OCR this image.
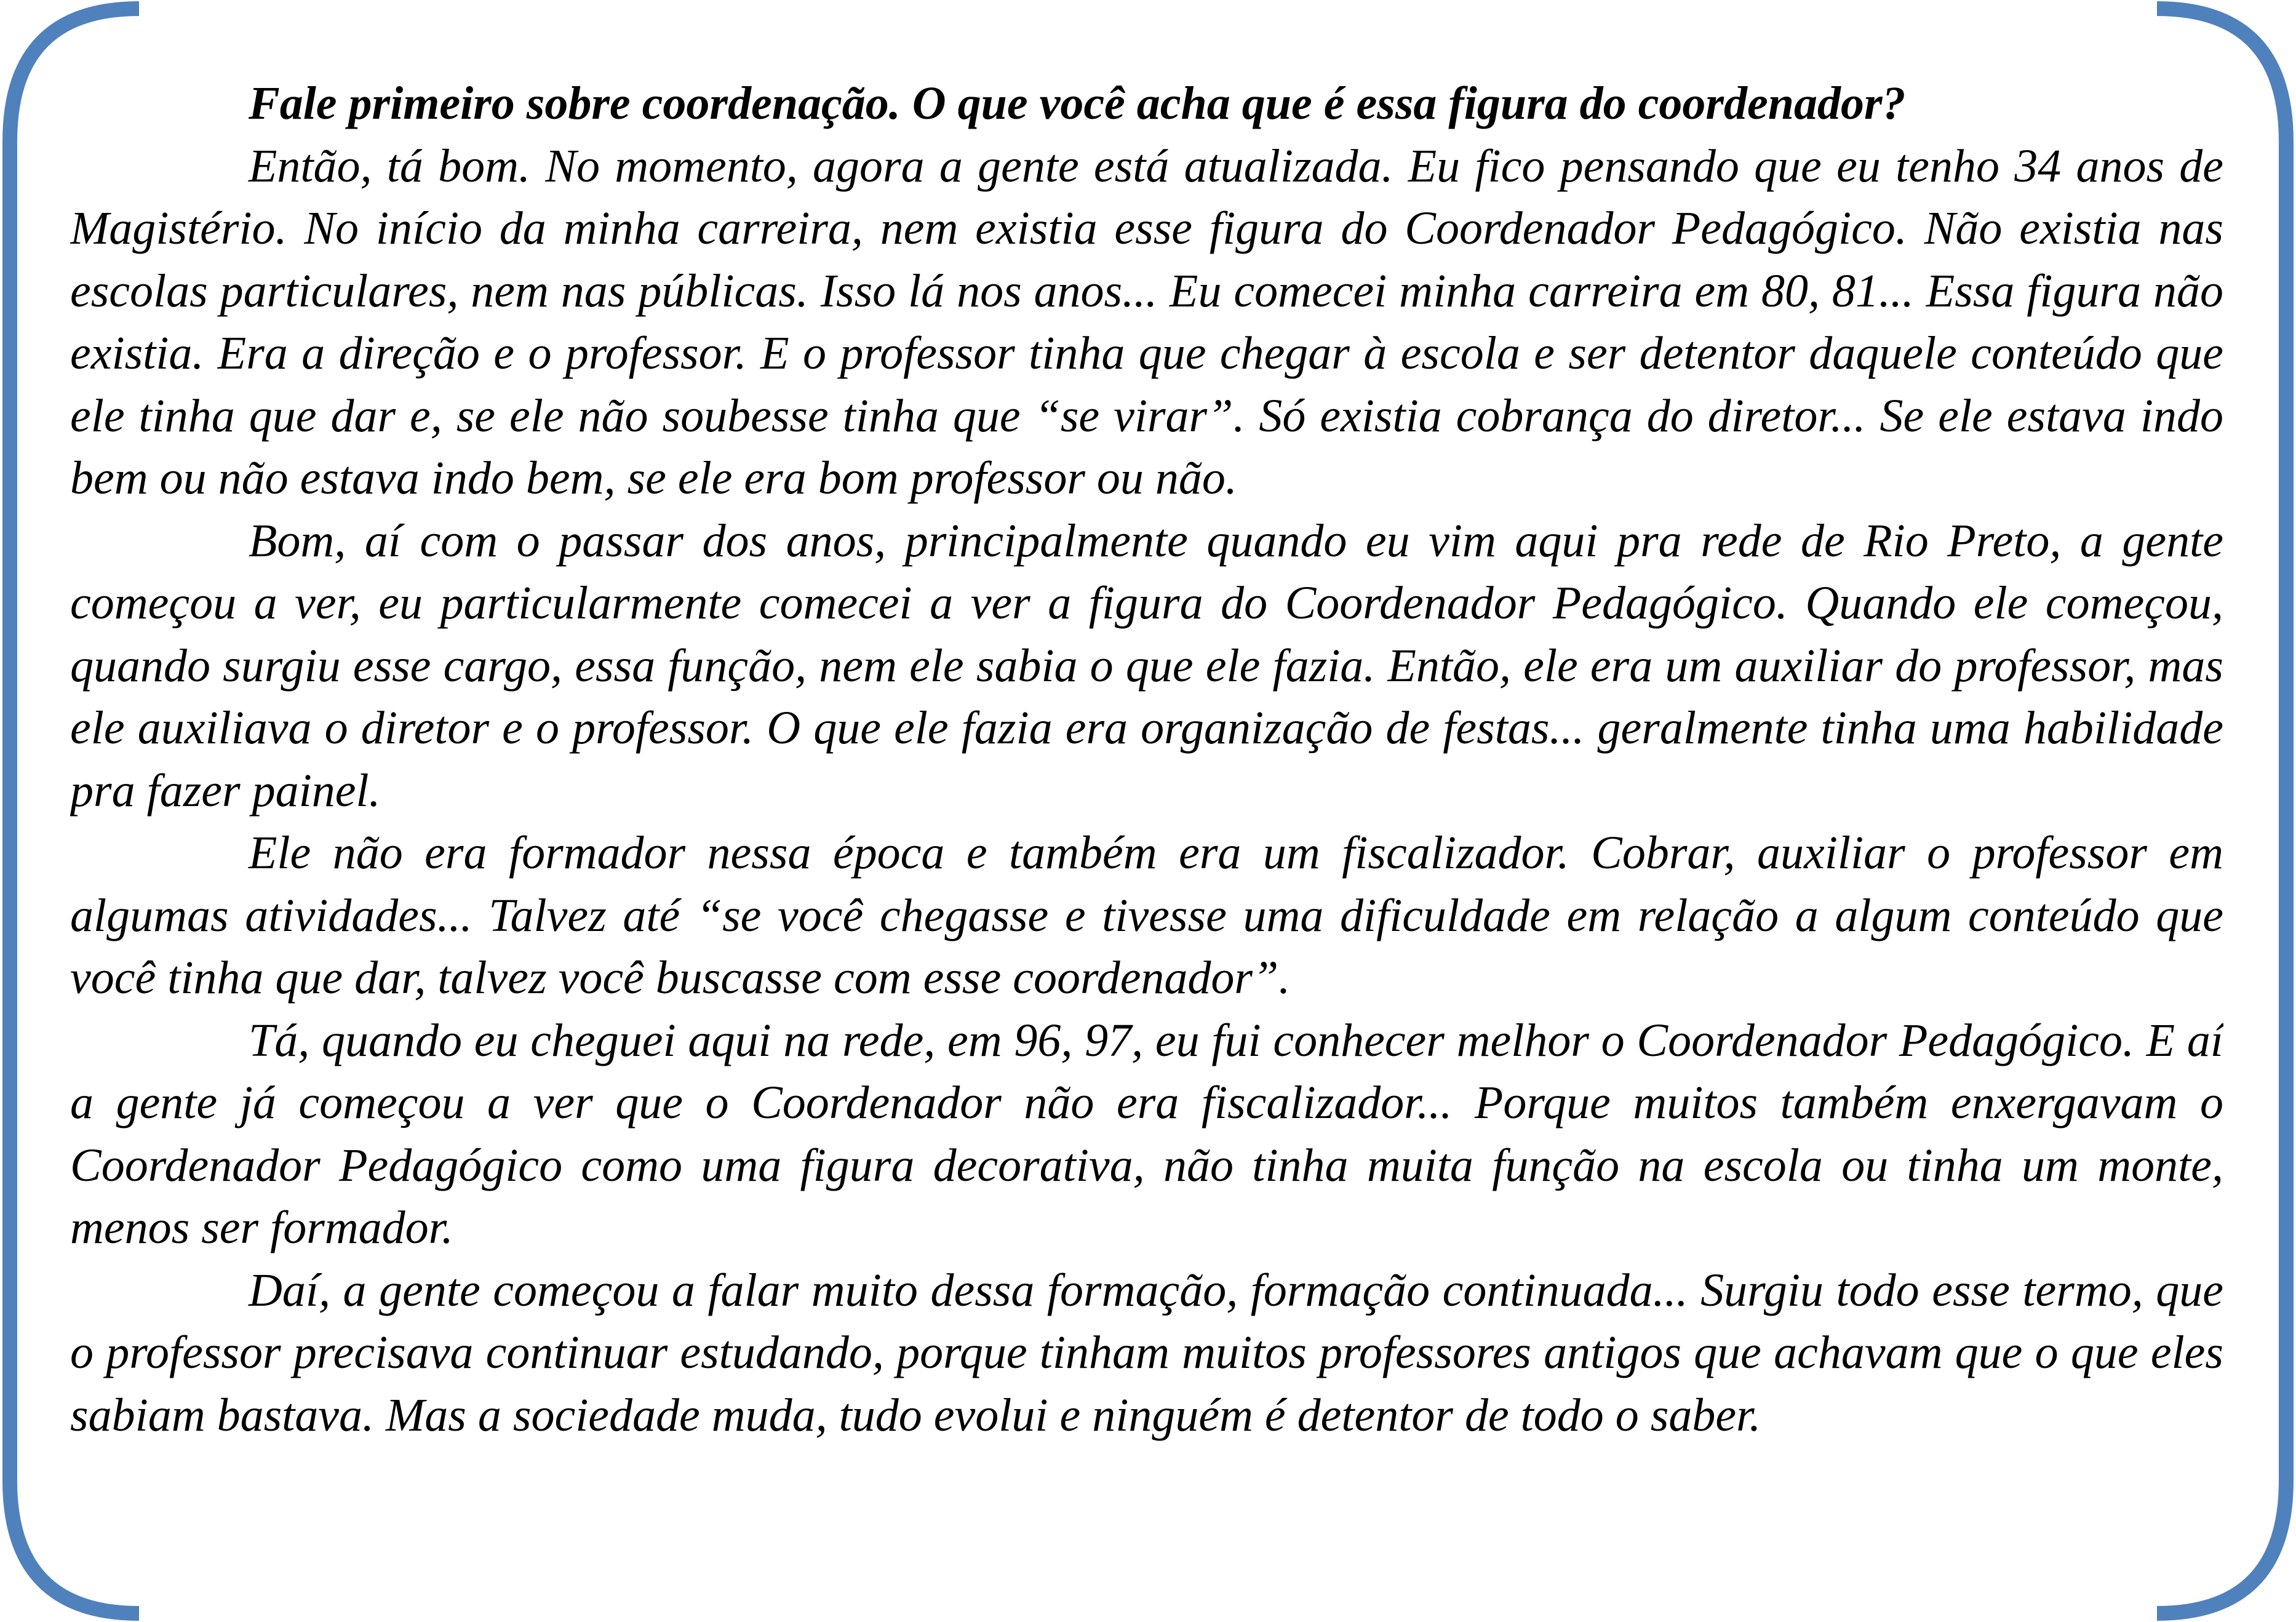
Fale primeiro sobre coordenação. O que você acha que é essa figura do coordenador?

Então, tá bom. No momento, agora a gente está atualizada. Eu fico pensando que eu tenho 34 anos de Magistério. No início da minha carreira, nem existia esse figura do Coordenador Pedagógico. Não existia nas escolas particulares, nem nas públicas. Isso lá nos anos... Eu comecei minha carreira em 80, 81... Essa figura não existia. Era a direção e o professor. E o professor tinha que chegar à escola e ser detentor daquele conteúdo que ele tinha que dar e, se ele não soubesse tinha que “se virar”. Só existia cobrança do diretor... Se ele estava indo bem ou não estava indo bem, se ele era bom professor ou não.

Bom, aí com o passar dos anos, principalmente quando eu vim aqui pra rede de Rio Preto, a gente começou a ver, eu particularmente comecei a ver a figura do Coordenador Pedagógico. Quando ele começou, quando surgiu esse cargo, essa função, nem ele sabia o que ele fazia. Então, ele era um auxiliar do professor, mas ele auxiliava o diretor e o professor. O que ele fazia era organização de festas... geralmente tinha uma habilidade pra fazer painel.

Ele não era formador nessa época e também era um fiscalizador. Cobrar, auxiliar o professor em algumas atividades... Talvez até “se você chegasse e tivesse uma dificuldade em relação a algum conteúdo que você tinha que dar, talvez você buscasse com esse coordenador”.

Tá, quando eu cheguei aqui na rede, em 96, 97, eu fui conhecer melhor o Coordenador Pedagógico. E aí a gente já começou a ver que o Coordenador não era fiscalizador... Porque muitos também enxergavam o Coordenador Pedagógico como uma figura decorativa, não tinha muita função na escola ou tinha um monte, menos ser formador.

Daí, a gente começou a falar muito dessa formação, formação continuada... Surgiu todo esse termo, que o professor precisava continuar estudando, porque tinham muitos professores antigos que achavam que o que eles sabiam bastava. Mas a sociedade muda, tudo evolui e ninguém é detentor de todo o saber.
